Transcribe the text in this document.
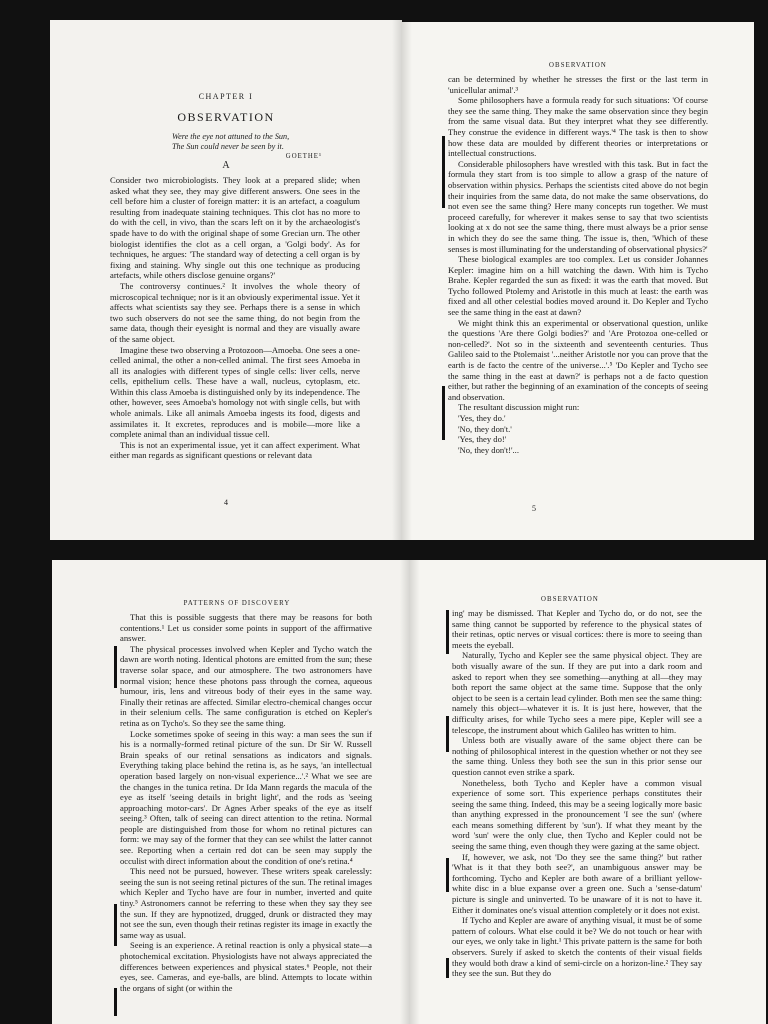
CHAPTER I
OBSERVATION
Were the eye not attuned to the Sun,
The Sun could never be seen by it.
GOETHE¹
A

Consider two microbiologists. They look at a prepared slide; when asked what they see, they may give different answers. One sees in the cell before him a cluster of foreign matter: it is an artefact, a coagulum resulting from inadequate staining techniques. This clot has no more to do with the cell, in vivo, than the scars left on it by the archaeologist's spade have to do with the original shape of some Grecian urn. The other biologist identifies the clot as a cell organ, a 'Golgi body'. As for techniques, he argues: 'The standard way of detecting a cell organ is by fixing and staining. Why single out this one technique as producing artefacts, while others disclose genuine organs?'

The controversy continues.² It involves the whole theory of microscopical technique; nor is it an obviously experimental issue. Yet it affects what scientists say they see. Perhaps there is a sense in which two such observers do not see the same thing, do not begin from the same data, though their eyesight is normal and they are visually aware of the same object.

Imagine these two observing a Protozoon—Amoeba. One sees a one-celled animal, the other a non-celled animal. The first sees Amoeba in all its analogies with different types of single cells: liver cells, nerve cells, epithelium cells. These have a wall, nucleus, cytoplasm, etc. Within this class Amoeba is distinguished only by its independence. The other, however, sees Amoeba's homology not with single cells, but with whole animals. Like all animals Amoeba ingests its food, digests and assimilates it. It excretes, reproduces and is mobile—more like a complete animal than an individual tissue cell.

This is not an experimental issue, yet it can affect experiment. What either man regards as significant questions or relevant data

4
OBSERVATION

can be determined by whether he stresses the first or the last term in 'unicellular animal'.³

Some philosophers have a formula ready for such situations: 'Of course they see the same thing. They make the same observation since they begin from the same visual data. But they interpret what they see differently. They construe the evidence in different ways.'⁴ The task is then to show how these data are moulded by different theories or interpretations or intellectual constructions.

Considerable philosophers have wrestled with this task. But in fact the formula they start from is too simple to allow a grasp of the nature of observation within physics. Perhaps the scientists cited above do not begin their inquiries from the same data, do not make the same observations, do not even see the same thing? Here many concepts run together. We must proceed carefully, for wherever it makes sense to say that two scientists looking at x do not see the same thing, there must always be a prior sense in which they do see the same thing. The issue is, then, 'Which of these senses is most illuminating for the understanding of observational physics?'

These biological examples are too complex. Let us consider Johannes Kepler: imagine him on a hill watching the dawn. With him is Tycho Brahe. Kepler regarded the sun as fixed: it was the earth that moved. But Tycho followed Ptolemy and Aristotle in this much at least: the earth was fixed and all other celestial bodies moved around it. Do Kepler and Tycho see the same thing in the east at dawn?

We might think this an experimental or observational question, unlike the questions 'Are there Golgi bodies?' and 'Are Protozoa one-celled or non-celled?'. Not so in the sixteenth and seventeenth centuries. Thus Galileo said to the Ptolemaist '...neither Aristotle nor you can prove that the earth is de facto the centre of the universe...'.⁵ 'Do Kepler and Tycho see the same thing in the east at dawn?' is perhaps not a de facto question either, but rather the beginning of an examination of the concepts of seeing and observation.

The resultant discussion might run:

'Yes, they do.'

'No, they don't.'

'Yes, they do!'

'No, they don't!'...

5
PATTERNS OF DISCOVERY

That this is possible suggests that there may be reasons for both contentions.¹ Let us consider some points in support of the affirmative answer.

The physical processes involved when Kepler and Tycho watch the dawn are worth noting. Identical photons are emitted from the sun; these traverse solar space, and our atmosphere. The two astronomers have normal vision; hence these photons pass through the cornea, aqueous humour, iris, lens and vitreous body of their eyes in the same way. Finally their retinas are affected. Similar electro-chemical changes occur in their selenium cells. The same configuration is etched on Kepler's retina as on Tycho's. So they see the same thing.

Locke sometimes spoke of seeing in this way: a man sees the sun if his is a normally-formed retinal picture of the sun. Dr Sir W. Russell Brain speaks of our retinal sensations as indicators and signals. Everything taking place behind the retina is, as he says, 'an intellectual operation based largely on non-visual experience...'.² What we see are the changes in the tunica retina. Dr Ida Mann regards the macula of the eye as itself 'seeing details in bright light', and the rods as 'seeing approaching motor-cars'. Dr Agnes Arber speaks of the eye as itself seeing.³ Often, talk of seeing can direct attention to the retina. Normal people are distinguished from those for whom no retinal pictures can form: we may say of the former that they can see whilst the latter cannot see. Reporting when a certain red dot can be seen may supply the occulist with direct information about the condition of one's retina.⁴

This need not be pursued, however. These writers speak carelessly: seeing the sun is not seeing retinal pictures of the sun. The retinal images which Kepler and Tycho have are four in number, inverted and quite tiny.⁵ Astronomers cannot be referring to these when they say they see the sun. If they are hypnotized, drugged, drunk or distracted they may not see the sun, even though their retinas register its image in exactly the same way as usual.

Seeing is an experience. A retinal reaction is only a physical state—a photochemical excitation. Physiologists have not always appreciated the differences between experiences and physical states.⁶ People, not their eyes, see. Cameras, and eye-balls, are blind. Attempts to locate within the organs of sight (or within the

OBSERVATION

ing' may be dismissed. That Kepler and Tycho do, or do not, see the same thing cannot be supported by reference to the physical states of their retinas, optic nerves or visual cortices: there is more to seeing than meets the eyeball.

Naturally, Tycho and Kepler see the same physical object. They are both visually aware of the sun. If they are put into a dark room and asked to report when they see something—anything at all—they may both report the same object at the same time. Suppose that the only object to be seen is a certain lead cylinder. Both men see the same thing: namely this object—whatever it is. It is just here, however, that the difficulty arises, for while Tycho sees a mere pipe, Kepler will see a telescope, the instrument about which Galileo has written to him.

Unless both are visually aware of the same object there can be nothing of philosophical interest in the question whether or not they see the same thing. Unless they both see the sun in this prior sense our question cannot even strike a spark.

Nonetheless, both Tycho and Kepler have a common visual experience of some sort. This experience perhaps constitutes their seeing the same thing. Indeed, this may be a seeing logically more basic than anything expressed in the pronouncement 'I see the sun' (where each means something different by 'sun'). If what they meant by the word 'sun' were the only clue, then Tycho and Kepler could not be seeing the same thing, even though they were gazing at the same object.

If, however, we ask, not 'Do they see the same thing?' but rather 'What is it that they both see?', an unambiguous answer may be forthcoming. Tycho and Kepler are both aware of a brilliant yellow-white disc in a blue expanse over a green one. Such a 'sense-datum' picture is single and uninverted. To be unaware of it is not to have it. Either it dominates one's visual attention completely or it does not exist.

If Tycho and Kepler are aware of anything visual, it must be of some pattern of colours. What else could it be? We do not touch or hear with our eyes, we only take in light.¹ This private pattern is the same for both observers. Surely if asked to sketch the contents of their visual fields they would both draw a kind of semi-circle on a horizon-line.² They say they see the sun. But they do
